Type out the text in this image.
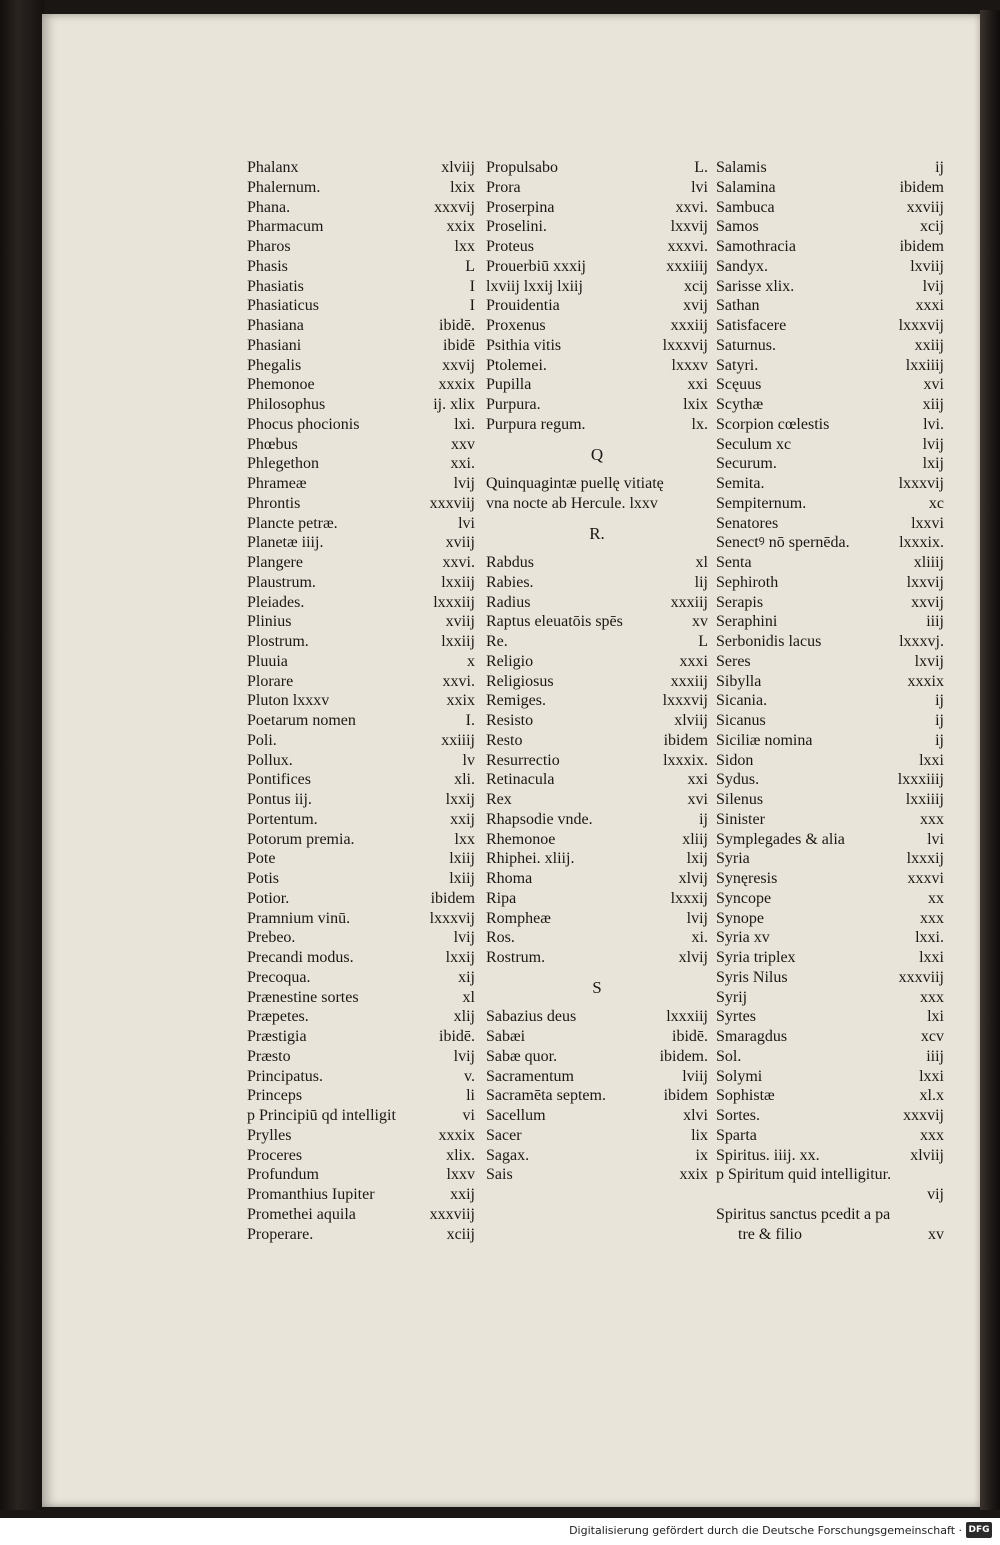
Phalanx	xlviij
Phalernum.	lxix
Phana.	xxxvij
Pharmacum	xxix
Pharos	lxx
Phasis	L
Phasiatis	I
Phasiaticus	I
Phasiana	ibidē.
Phasiani	ibidē
Phegalis	xxvij
Phemonoe	xxxix
Philosophus	ij. xlix
Phocus phocionis	lxi.
Phœbus	xxv
Phlegethon	xxi.
Phrameæ	lvij
Phrontis	xxxviij
Plancte petræ.	lvi
Planetæ iiij.	xviij
Plangere	xxvi.
Plaustrum.	lxxiij
Pleiades.	lxxxiij
Plinius	xviij
Plostrum.	lxxiij
Pluuia	x
Plorare	xxvi.
Pluton lxxxv	xxix
Poetarum nomen	I.
Poli.	xxiiij
Pollux.	lv
Pontifices	xli.
Pontus iij.	lxxij
Portentum.	xxij
Potorum premia.	lxx
Pote	lxiij
Potis	lxiij
Potior.	ibidem
Pramnium vinū.	lxxxvij
Prebeo.	lvij
Precandi modus.	lxxij
Precoqua.	xij
Prænestine sortes	xl
Præpetes.	xlij
Præstigia	ibidē.
Præsto	lvij
Principatus.	v.
Princeps	li
p Principiū qd intelligit	vi
Prylles	xxxix
Proceres	xlix.
Profundum	lxxv
Promanthius Iupiter	xxij
Promethei aquila	xxxviij
Properare.	xciij
Propulsabo	L.
Prora	lvi
Proserpina	xxvi.
Proselini.	lxxvij
Proteus	xxxvi.
Prouerbiū xxxij	xxxiiij
lxviij lxxij lxiij	xcij
Prouidentia	xvij
Proxenus	xxxiij
Psithia vitis	lxxxvij
Ptolemei.	lxxxv
Pupilla	xxi
Purpura.	lxix
Purpura regum.	lx.
Q
Quinquagintæ puellę vitiatę
vna nocte ab Hercule. lxxv
R.
Rabdus	xl
Rabies.	lij
Radius	xxxiij
Raptus eleuatōis spēs	xv
Re.	L
Religio	xxxi
Religiosus	xxxiij
Remiges.	lxxxvij
Resisto	xlviij
Resto	ibidem
Resurrectio	lxxxix.
Retinacula	xxi
Rex	xvi
Rhapsodie vnde.	ij
Rhemonoe	xliij
Rhiphei. xliij.	lxij
Rhoma	xlvij
Ripa	lxxxij
Rompheæ	lvij
Ros.	xi.
Rostrum.	xlvij
S
Sabazius deus	lxxxiij
Sabæi	ibidē.
Sabæ quor.	ibidem.
Sacramentum	lviij
Sacramēta septem.	ibidem
Sacellum	xlvi
Sacer	lix
Sagax.	ix
Sais	xxix
Salamis	ij
Salamina	ibidem
Sambuca	xxviij
Samos	xcij
Samothracia	ibidem
Sandyx.	lxviij
Sarisse xlix.	lvij
Sathan	xxxi
Satisfacere	lxxxvij
Saturnus.	xxiij
Satyri.	lxxiiij
Scęuus	xvi
Scythæ	xiij
Scorpion cœlestis	lvi.
Seculum xc	lvij
Securum.	lxij
Semita.	lxxxvij
Sempiternum.	xc
Senatores	lxxvi
Senectꝰ nō spernēda.	lxxxix.
Senta	xliiij
Sephiroth	lxxvij
Serapis	xxvij
Seraphini	iiij
Serbonidis lacus	lxxxvj.
Seres	lxvij
Sibylla	xxxix
Sicania.	ij
Sicanus	ij
Siciliæ nomina	ij
Sidon	lxxi
Sydus.	lxxxiiij
Silenus	lxxiiij
Sinister	xxx
Symplegades & alia	lvi
Syria	lxxxij
Synęresis	xxxvi
Syncope	xx
Synope	xxx
Syria xv	lxxi.
Syria triplex	lxxi
Syris Nilus	xxxviij
Syrij	xxx
Syrtes	lxi
Smaragdus	xcv
Sol.	iiij
Solymi	lxxi
Sophistæ	xl.x
Sortes.	xxxvij
Sparta	xxx
Spiritus. iiij. xx.	xlviij
p Spiritum quid intelligitur.
vij
Spiritus sanctus pcedit a pa
tre & filio	xv
Digitalisierung gefördert durch die Deutsche Forschungsgemeinschaft · DFG
